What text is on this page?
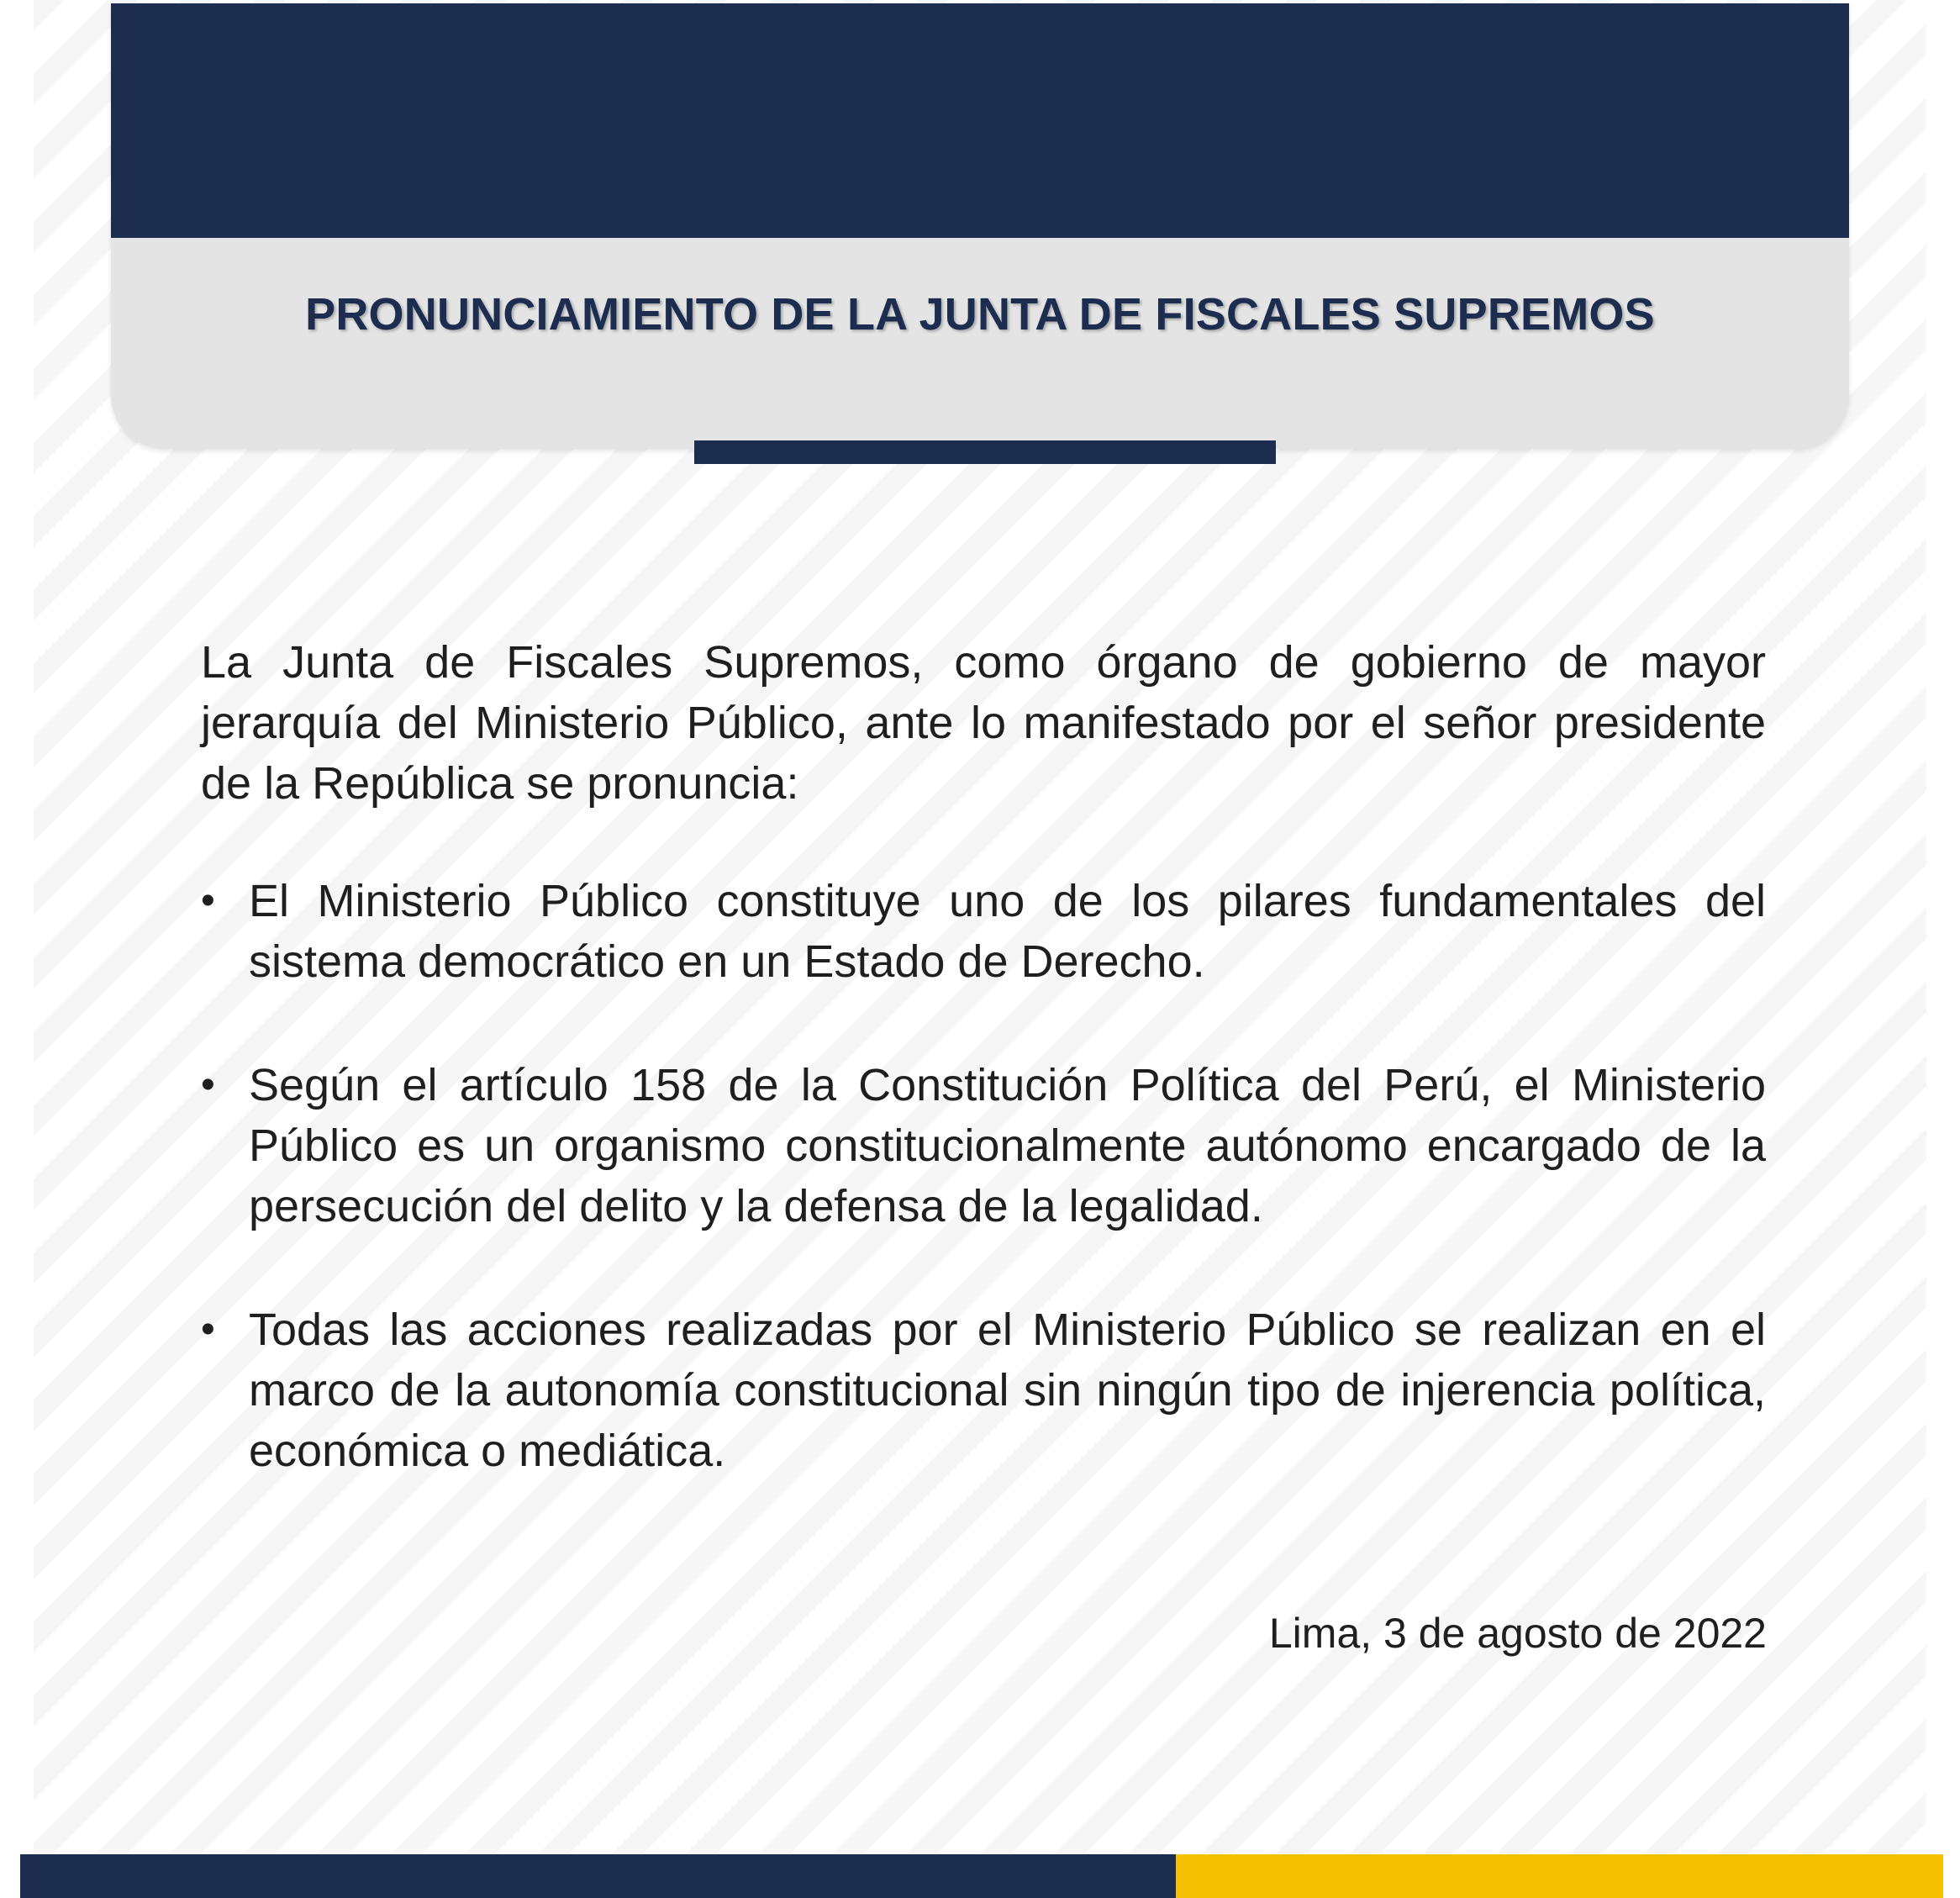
PRONUNCIAMIENTO DE LA JUNTA DE FISCALES SUPREMOS

La Junta de Fiscales Supremos, como órgano de gobierno de mayor jerarquía del Ministerio Público, ante lo manifestado por el señor presidente de la República se pronuncia:

• El Ministerio Público constituye uno de los pilares fundamentales del sistema democrático en un Estado de Derecho.
• Según el artículo 158 de la Constitución Política del Perú, el Ministerio Público es un organismo constitucionalmente autónomo encargado de la persecución del delito y la defensa de la legalidad.
• Todas las acciones realizadas por el Ministerio Público se realizan en el marco de la autonomía constitucional sin ningún tipo de injerencia política, económica o mediática.

Lima, 3 de agosto de 2022
